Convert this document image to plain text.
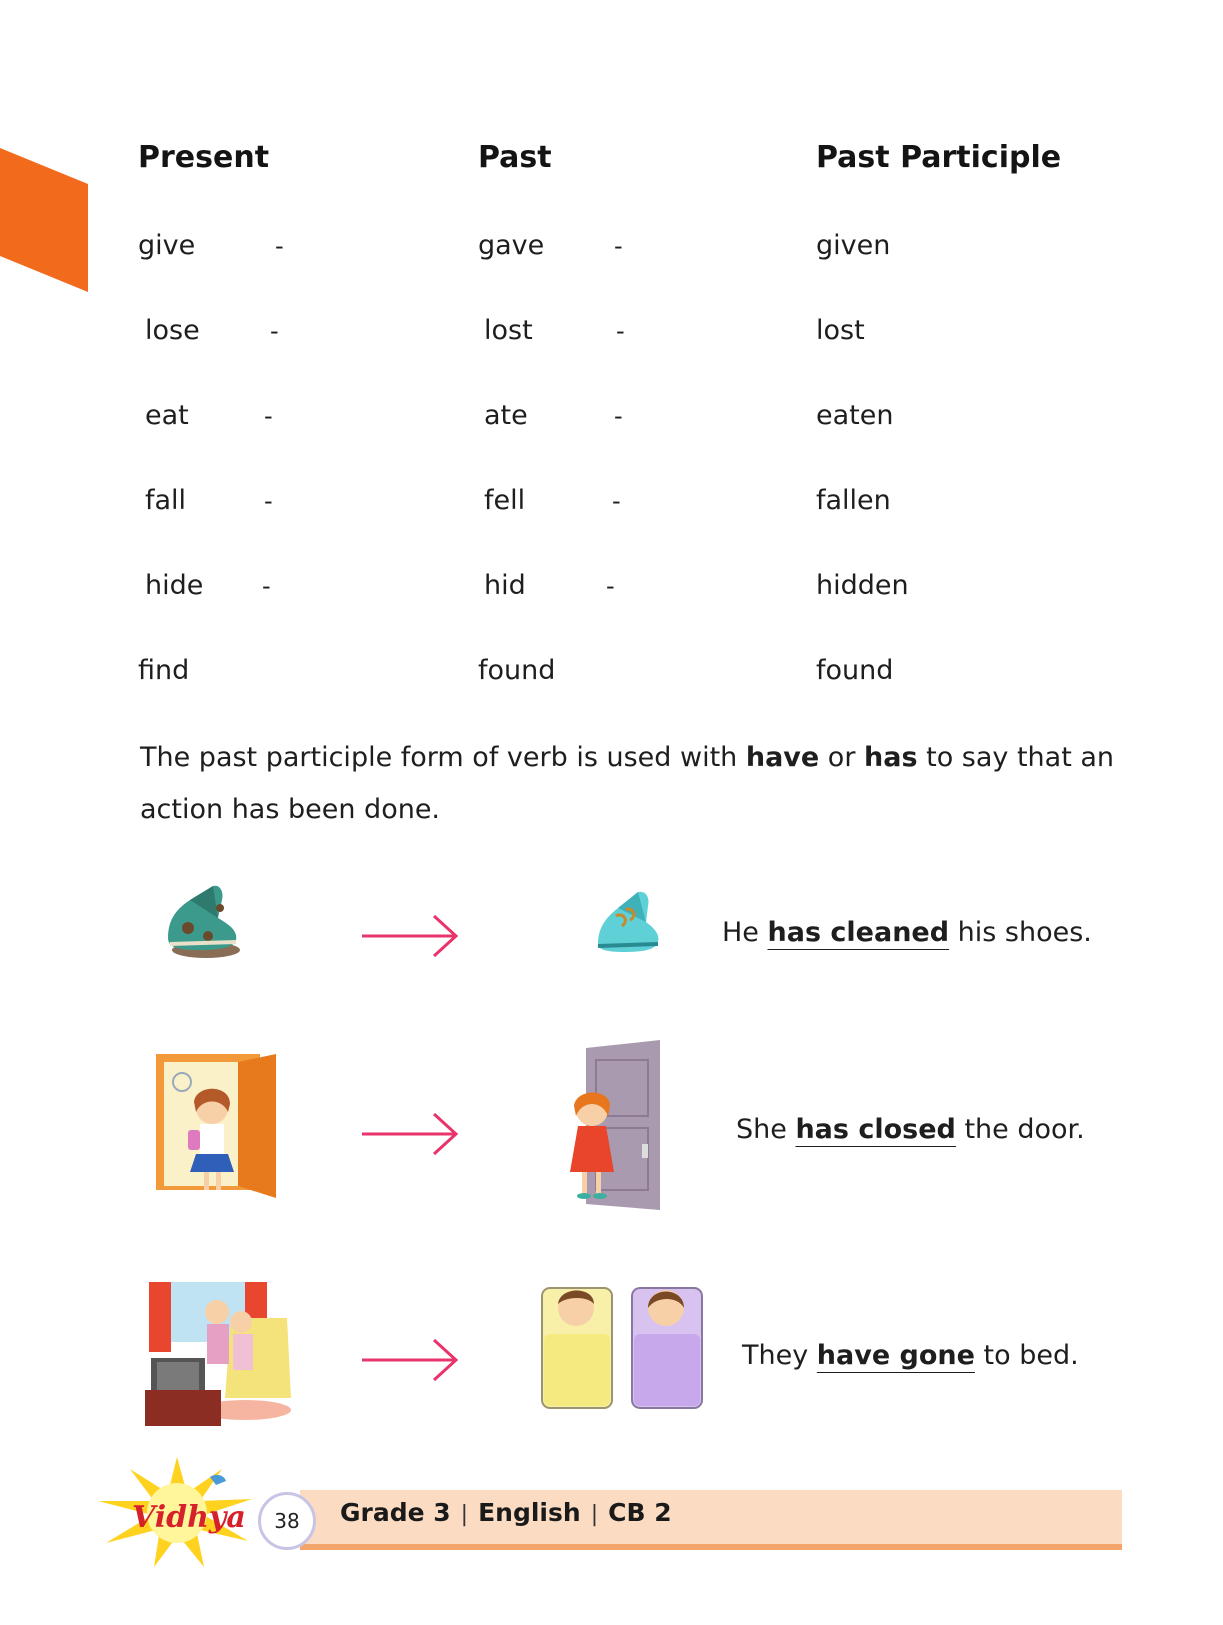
Present	Past	Past Participle
give	-	gave	-	given
lose	-	lost	-	lost
eat	-	ate	-	eaten
fall	-	fell	-	fallen
hide -	hid	-	hidden
find	found	found
The past participle form of verb is used with have or has to say that an action has been done.
He has cleaned his shoes.
She has closed the door.
They have gone to bed.
Vidhya 38 Grade 3 | English | CB 2
